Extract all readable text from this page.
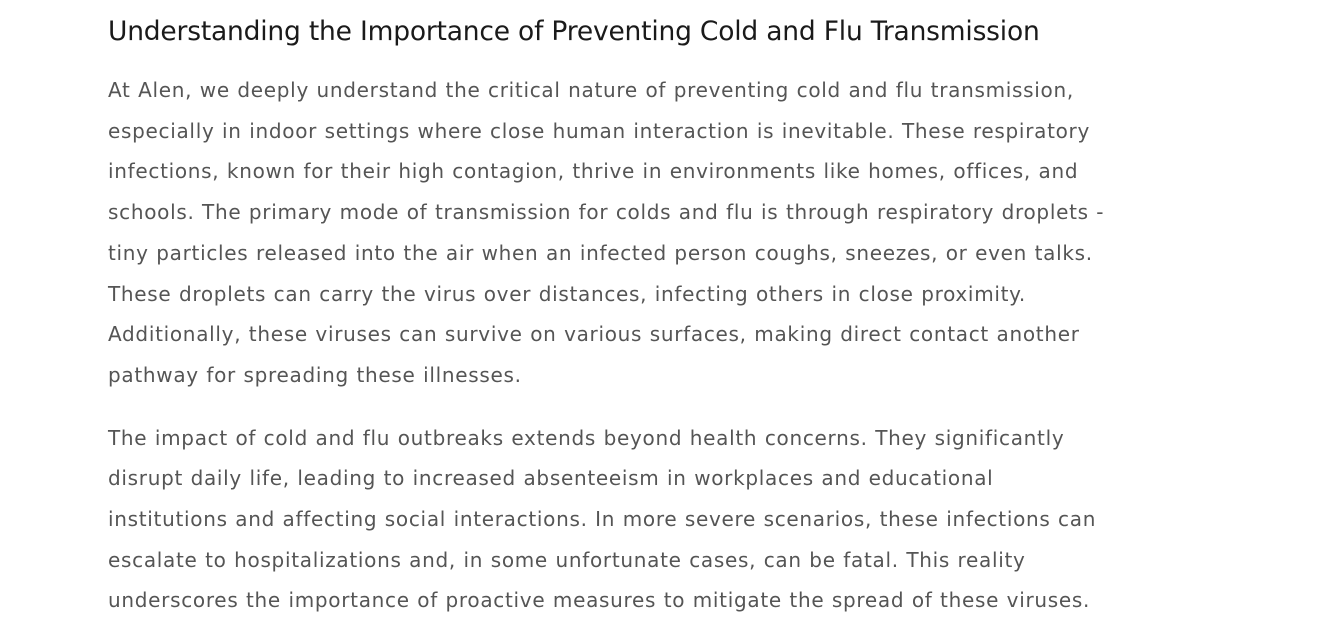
Understanding the Importance of Preventing Cold and Flu Transmission

At Alen, we deeply understand the critical nature of preventing cold and flu transmission,
especially in indoor settings where close human interaction is inevitable. These respiratory
infections, known for their high contagion, thrive in environments like homes, offices, and
schools. The primary mode of transmission for colds and flu is through respiratory droplets -
tiny particles released into the air when an infected person coughs, sneezes, or even talks.
These droplets can carry the virus over distances, infecting others in close proximity.
Additionally, these viruses can survive on various surfaces, making direct contact another
pathway for spreading these illnesses.

The impact of cold and flu outbreaks extends beyond health concerns. They significantly
disrupt daily life, leading to increased absenteeism in workplaces and educational
institutions and affecting social interactions. In more severe scenarios, these infections can
escalate to hospitalizations and, in some unfortunate cases, can be fatal. This reality
underscores the importance of proactive measures to mitigate the spread of these viruses.
